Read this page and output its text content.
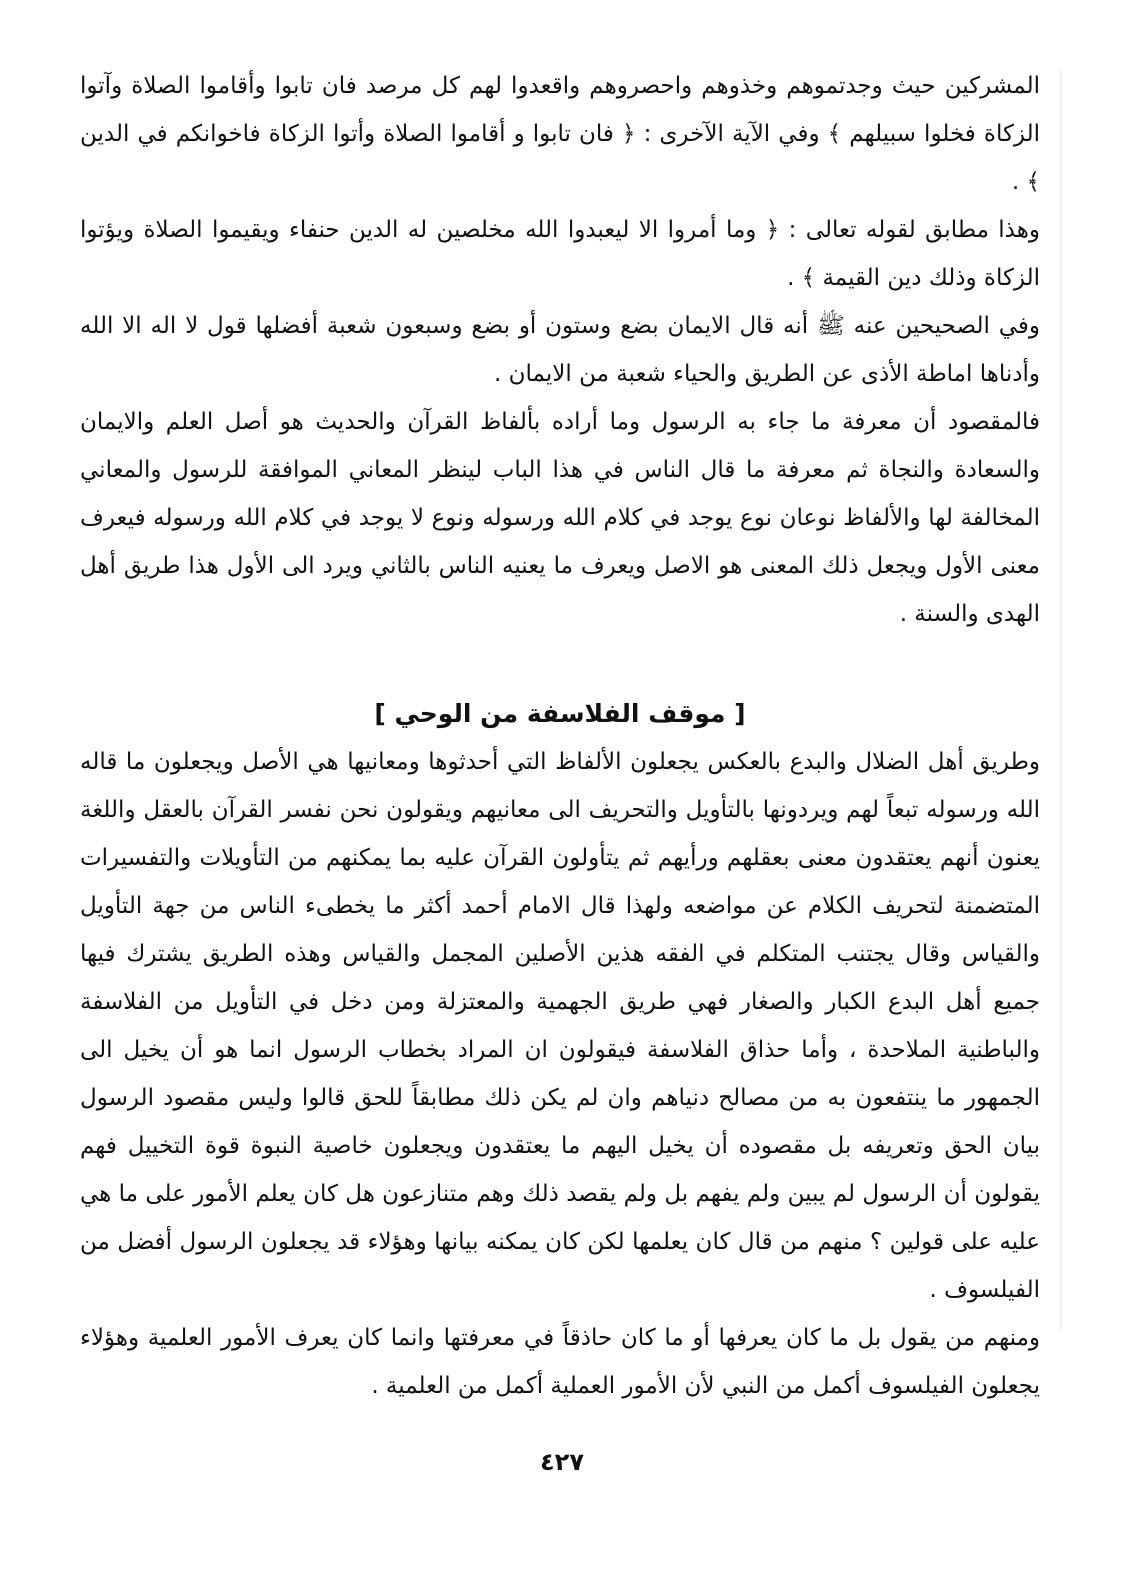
المشركين حيث وجدتموهم وخذوهم واحصروهم واقعدوا لهم كل مرصد فان تابوا وأقاموا الصلاة وآتوا الزكاة فخلوا سبيلهم ﴾ وفي الآية الآخرى : ﴿ فان تابوا و أقاموا الصلاة وأتوا الزكاة فاخوانكم في الدين ﴾ .

وهذا مطابق لقوله تعالى : ﴿ وما أمروا الا ليعبدوا الله مخلصين له الدين حنفاء ويقيموا الصلاة ويؤتوا الزكاة وذلك دين القيمة ﴾ .

وفي الصحيحين عنه ﷺ أنه قال الايمان بضع وستون أو بضع وسبعون شعبة أفضلها قول لا اله الا الله وأدناها اماطة الأذى عن الطريق والحياء شعبة من الايمان .

فالمقصود أن معرفة ما جاء به الرسول وما أراده بألفاظ القرآن والحديث هو أصل العلم والايمان والسعادة والنجاة ثم معرفة ما قال الناس في هذا الباب لينظر المعاني الموافقة للرسول والمعاني المخالفة لها والألفاظ نوعان نوع يوجد في كلام الله ورسوله ونوع لا يوجد في كلام الله ورسوله فيعرف معنى الأول ويجعل ذلك المعنى هو الاصل ويعرف ما يعنيه الناس بالثاني ويرد الى الأول هذا طريق أهل الهدى والسنة .

[ موقف الفلاسفة من الوحي ]

وطريق أهل الضلال والبدع بالعكس يجعلون الألفاظ التي أحدثوها ومعانيها هي الأصل ويجعلون ما قاله الله ورسوله تبعاً لهم ويردونها بالتأويل والتحريف الى معانيهم ويقولون نحن نفسر القرآن بالعقل واللغة يعنون أنهم يعتقدون معنى بعقلهم ورأيهم ثم يتأولون القرآن عليه بما يمكنهم من التأويلات والتفسيرات المتضمنة لتحريف الكلام عن مواضعه ولهذا قال الامام أحمد أكثر ما يخطىء الناس من جهة التأويل والقياس وقال يجتنب المتكلم في الفقه هذين الأصلين المجمل والقياس وهذه الطريق يشترك فيها جميع أهل البدع الكبار والصغار فهي طريق الجهمية والمعتزلة ومن دخل في التأويل من الفلاسفة والباطنية الملاحدة ، وأما حذاق الفلاسفة فيقولون ان المراد بخطاب الرسول انما هو أن يخيل الى الجمهور ما ينتفعون به من مصالح دنياهم وان لم يكن ذلك مطابقاً للحق قالوا وليس مقصود الرسول بيان الحق وتعريفه بل مقصوده أن يخيل اليهم ما يعتقدون ويجعلون خاصية النبوة قوة التخييل فهم يقولون أن الرسول لم يبين ولم يفهم بل ولم يقصد ذلك وهم متنازعون هل كان يعلم الأمور على ما هي عليه على قولين ؟ منهم من قال كان يعلمها لكن كان يمكنه بيانها وهؤلاء قد يجعلون الرسول أفضل من الفيلسوف .

ومنهم من يقول بل ما كان يعرفها أو ما كان حاذقاً في معرفتها وانما كان يعرف الأمور العلمية وهؤلاء يجعلون الفيلسوف أكمل من النبي لأن الأمور العملية أكمل من العلمية .

٤٢٧
